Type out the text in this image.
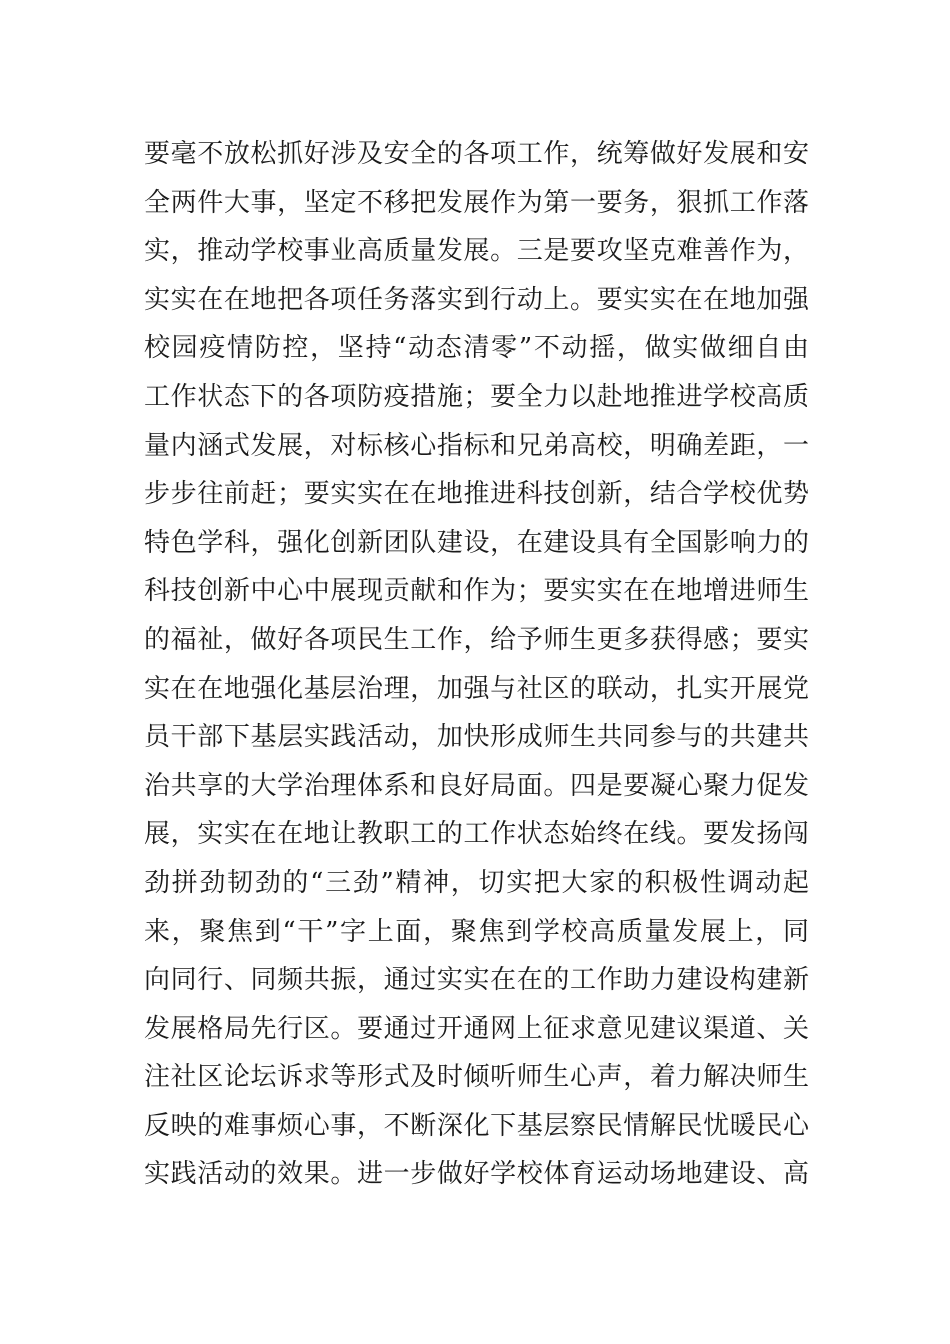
要毫不放松抓好涉及安全的各项工作，统筹做好发展和安
全两件大事，坚定不移把发展作为第一要务，狠抓工作落
实，推动学校事业高质量发展。三是要攻坚克难善作为，
实实在在地把各项任务落实到行动上。要实实在在地加强
校园疫情防控，坚持“动态清零”不动摇，做实做细自由
工作状态下的各项防疫措施；要全力以赴地推进学校高质
量内涵式发展，对标核心指标和兄弟高校，明确差距，一
步步往前赶；要实实在在地推进科技创新，结合学校优势
特色学科，强化创新团队建设，在建设具有全国影响力的
科技创新中心中展现贡献和作为；要实实在在地增进师生
的福祉，做好各项民生工作，给予师生更多获得感；要实
实在在地强化基层治理，加强与社区的联动，扎实开展党
员干部下基层实践活动，加快形成师生共同参与的共建共
治共享的大学治理体系和良好局面。四是要凝心聚力促发
展，实实在在地让教职工的工作状态始终在线。要发扬闯
劲拼劲韧劲的“三劲”精神，切实把大家的积极性调动起
来，聚焦到“干”字上面，聚焦到学校高质量发展上，同
向同行、同频共振，通过实实在在的工作助力建设构建新
发展格局先行区。要通过开通网上征求意见建议渠道、关
注社区论坛诉求等形式及时倾听师生心声，着力解决师生
反映的难事烦心事，不断深化下基层察民情解民忧暖民心
实践活动的效果。进一步做好学校体育运动场地建设、高
